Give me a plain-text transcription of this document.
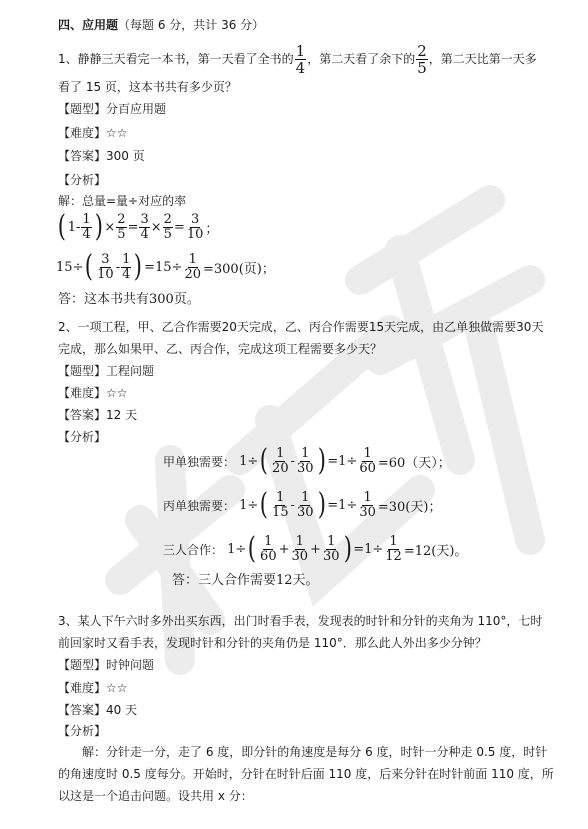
四、应用题（每题 6 分，共计 36 分）
1、静静三天看完一本书，第一天看了全书的 $\frac{1}{4}$ ，第二天看了余下的 $\frac{2}{5}$ ，第二天比第一天多
看了 15 页，这本书共有多少页？
【题型】分百应用题
【难度】☆☆
【答案】300 页
【分析】
解：总量=量÷对应的率
( $1- \frac{1}{4}$ ) × $\frac{2}{5} = \frac{3}{4} \times \frac{2}{5} = \frac{3}{10}$ ；
$15\div( \frac{3}{10} - \frac{1}{4}$ ) $=15\div \frac{1}{20} =300$(页)；
答：这本书共有300页。
2、一项工程，甲、乙合作需要20天完成，乙、丙合作需要15天完成，由乙单独做需要30天
完成，那么如果甲、乙、丙合作，完成这项工程需要多少天？
【题型】工程问题
【难度】☆☆
【答案】12 天
【分析】
甲单独需要： $1\div( \frac{1}{20} - \frac{1}{30}$ ) $=1\div \frac{1}{60} =60$（天）；
丙单独需要： $1\div( \frac{1}{15} - \frac{1}{30}$ ) $=1\div \frac{1}{30} =30$(天)；
三人合作： $1\div( \frac{1}{60} + \frac{1}{30} + \frac{1}{30}$ ) $=1\div \frac{1}{12} =12$(天)。
答：三人合作需要12天。
3、某人下午六时多外出买东西，出门时看手表，发现表的时针和分针的夹角为 110°，七时
前回家时又看手表，发现时针和分针的夹角仍是 110°．那么此人外出多少分钟？
【题型】时钟问题
【难度】☆☆
【答案】40 天
【分析】
解：分针走一分，走了 6 度，即分针的角速度是每分 6 度，时针一分种走 0.5 度，时针
的角速度时 0.5 度每分。开始时，分针在时针后面 110 度，后来分针在时针前面 110 度，所
以这是一个追击问题。设共用 x 分：
